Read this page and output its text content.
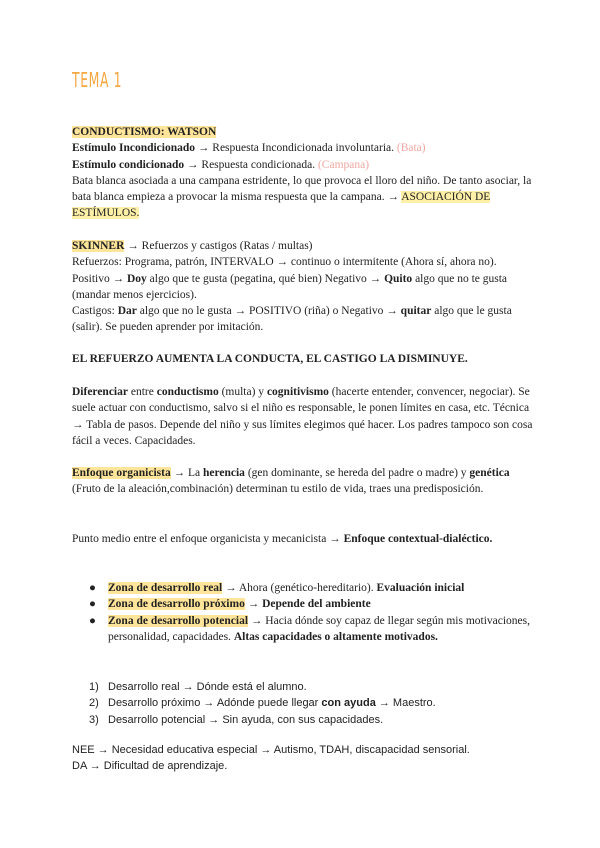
TEMA 1

CONDUCTISMO: WATSON

Estímulo Incondicionado → Respuesta Incondicionada involuntaria. (Bata)

Estímulo condicionado → Respuesta condicionada. (Campana)

Bata blanca asociada a una campana estridente, lo que provoca el lloro del niño. De tanto asociar, la bata blanca empieza a provocar la misma respuesta que la campana. → ASOCIACIÓN DE ESTÍMULOS.

SKINNER → Refuerzos y castigos (Ratas / multas)

Refuerzos: Programa, patrón, INTERVALO → continuo o intermitente (Ahora sí, ahora no). Positivo → Doy algo que te gusta (pegatina, qué bien) Negativo → Quito algo que no te gusta (mandar menos ejercicios).

Castigos: Dar algo que no le gusta → POSITIVO (riña) o Negativo → quitar algo que le gusta (salir). Se pueden aprender por imitación.

EL REFUERZO AUMENTA LA CONDUCTA, EL CASTIGO LA DISMINUYE.

Diferenciar entre conductismo (multa) y cognitivismo (hacerte entender, convencer, negociar). Se suele actuar con conductismo, salvo si el niño es responsable, le ponen límites en casa, etc. Técnica → Tabla de pasos. Depende del niño y sus límites elegimos qué hacer. Los padres tampoco son cosa fácil a veces. Capacidades.

Enfoque organicista → La herencia (gen dominante, se hereda del padre o madre) y genética (Fruto de la aleación,combinación) determinan tu estilo de vida, traes una predisposición.

Punto medio entre el enfoque organicista y mecanicista → Enfoque contextual-dialéctico.

● Zona de desarrollo real → Ahora (genético-hereditario). Evaluación inicial
● Zona de desarrollo próximo → Depende del ambiente
● Zona de desarrollo potencial → Hacia dónde soy capaz de llegar según mis motivaciones, personalidad, capacidades. Altas capacidades o altamente motivados.
1) Desarrollo real → Dónde está el alumno.
2) Desarrollo próximo → Adónde puede llegar con ayuda → Maestro.
3) Desarrollo potencial → Sin ayuda, con sus capacidades.

NEE → Necesidad educativa especial → Autismo, TDAH, discapacidad sensorial.

DA → Dificultad de aprendizaje.
